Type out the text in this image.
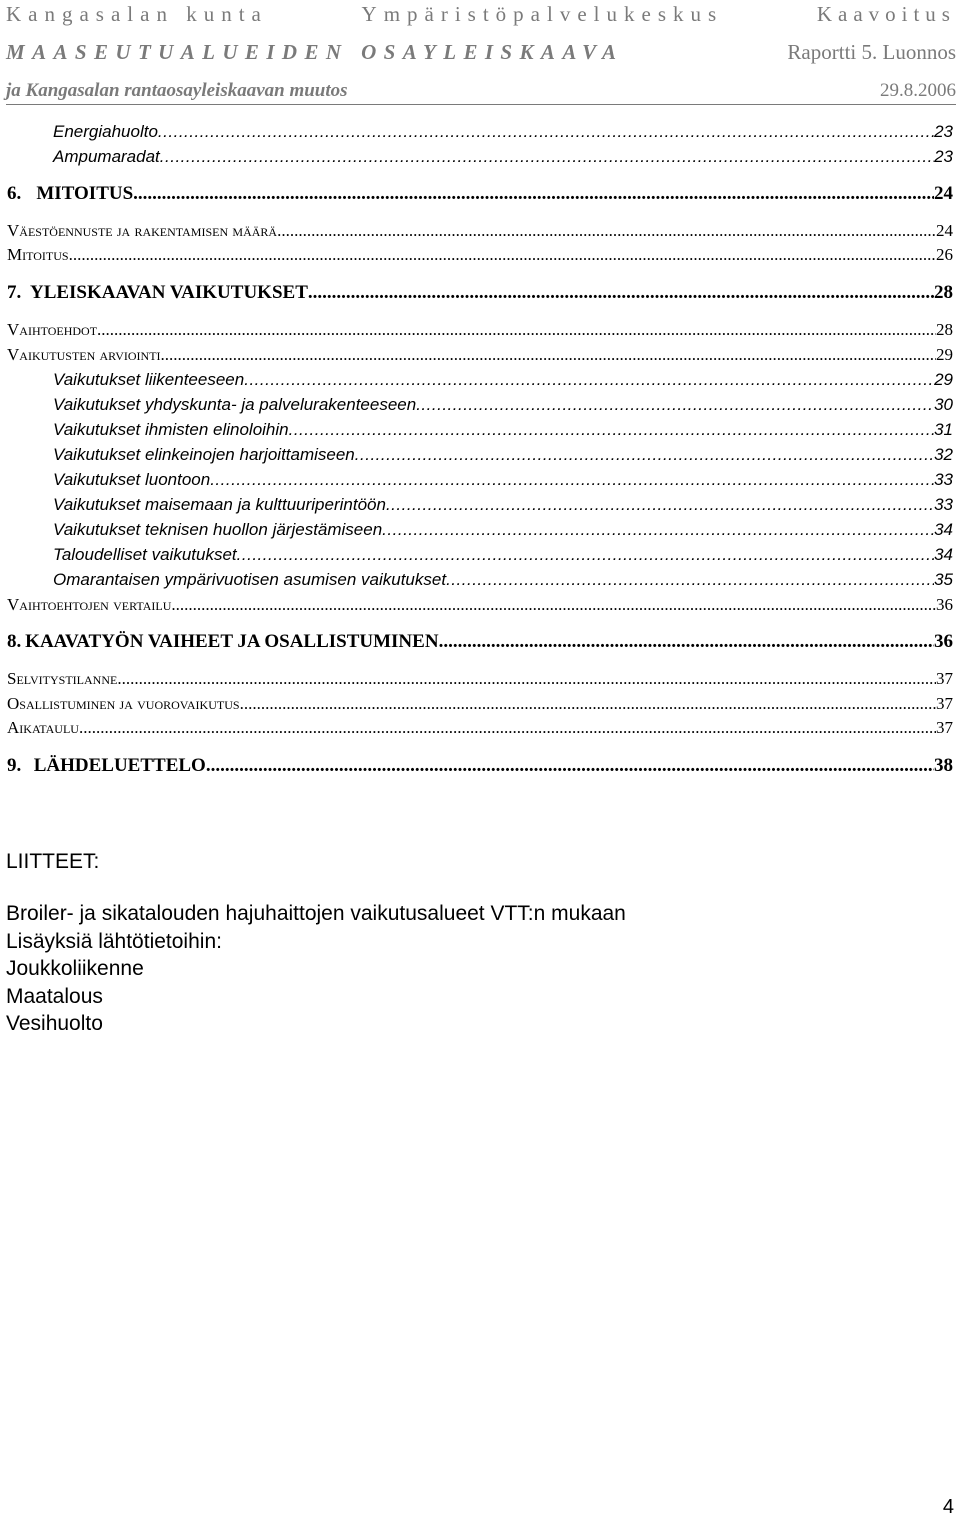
Kangasalan kunta	Ympäristöpalvelukeskus	Kaavoitus
MAASEUTUALUEIDEN OSAYLEISKAAVA	Raportti 5. Luonnos
ja Kangasalan rantaosayleiskaavan muutos	29.8.2006
Energiahuolto .....	23
Ampumaradat .....	23
6. MITOITUS .....	24
Väestöennuste ja rakentamisen määrä .....	24
Mitoitus .....	26
7. YLEISKAAVAN VAIKUTUKSET .....	28
Vaihtoehdot .....	28
Vaikutusten arviointi .....	29
Vaikutukset liikenteeseen .....	29
Vaikutukset yhdyskunta- ja palvelurakenteeseen .....	30
Vaikutukset ihmisten elinoloihin .....	31
Vaikutukset elinkeinojen harjoittamiseen .....	32
Vaikutukset luontoon .....	33
Vaikutukset maisemaan ja kulttuuriperintöön .....	33
Vaikutukset teknisen huollon järjestämiseen .....	34
Taloudelliset vaikutukset .....	34
Omarantaisen ympärivuotisen asumisen vaikutukset .....	35
Vaihtoehtojen vertailu .....	36
8. KAAVATYÖN VAIHEET JA OSALLISTUMINEN .....	36
Selvitystilanne .....	37
Osallistuminen ja vuorovaikutus .....	37
Aikataulu .....	37
9. LÄHDELUETTELO .....	38
LIITTEET:
Broiler- ja sikatalouden hajuhaittojen vaikutusalueet VTT:n mukaan
Lisäyksiä lähtötietoihin:
Joukkoliikenne
Maatalous
Vesihuolto
4
